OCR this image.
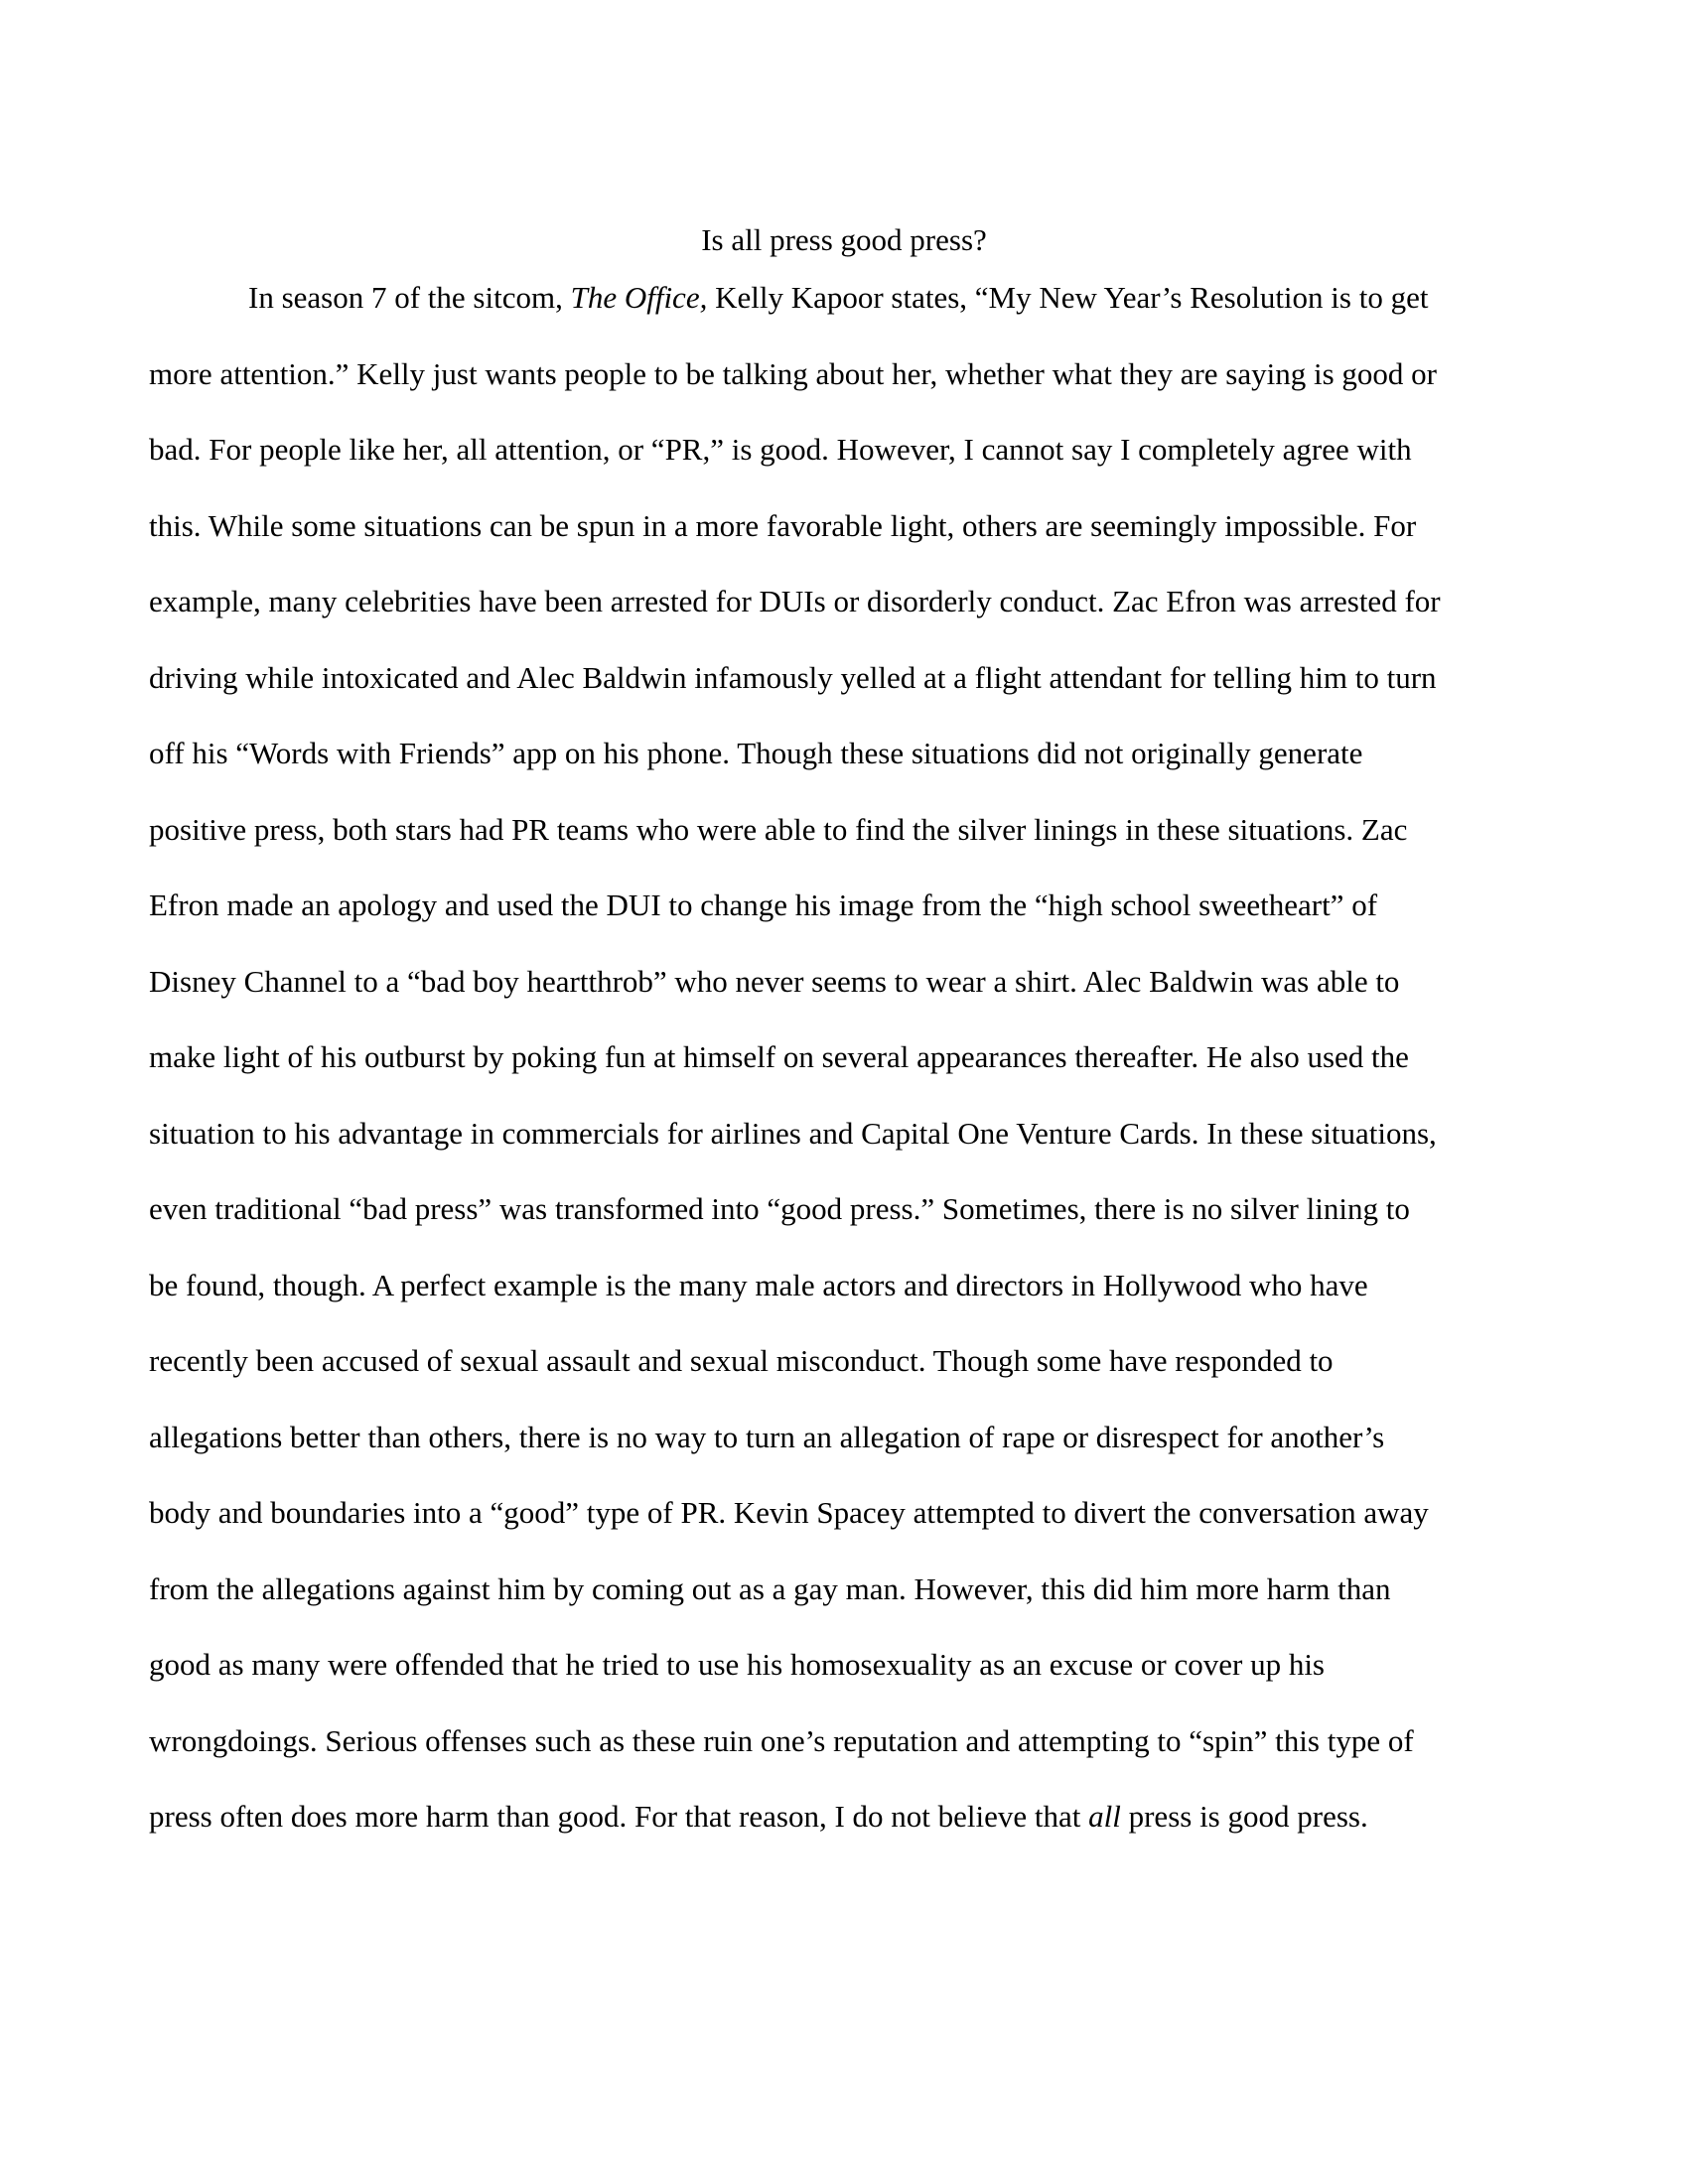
Is all press good press?
In season 7 of the sitcom, The Office, Kelly Kapoor states, “My New Year’s Resolution is to get
more attention.” Kelly just wants people to be talking about her, whether what they are saying is good or
bad. For people like her, all attention, or “PR,” is good. However, I cannot say I completely agree with
this. While some situations can be spun in a more favorable light, others are seemingly impossible. For
example, many celebrities have been arrested for DUIs or disorderly conduct. Zac Efron was arrested for
driving while intoxicated and Alec Baldwin infamously yelled at a flight attendant for telling him to turn
off his “Words with Friends” app on his phone. Though these situations did not originally generate
positive press, both stars had PR teams who were able to find the silver linings in these situations. Zac
Efron made an apology and used the DUI to change his image from the “high school sweetheart” of
Disney Channel to a “bad boy heartthrob” who never seems to wear a shirt. Alec Baldwin was able to
make light of his outburst by poking fun at himself on several appearances thereafter. He also used the
situation to his advantage in commercials for airlines and Capital One Venture Cards. In these situations,
even traditional “bad press” was transformed into “good press.” Sometimes, there is no silver lining to
be found, though. A perfect example is the many male actors and directors in Hollywood who have
recently been accused of sexual assault and sexual misconduct. Though some have responded to
allegations better than others, there is no way to turn an allegation of rape or disrespect for another’s
body and boundaries into a “good” type of PR. Kevin Spacey attempted to divert the conversation away
from the allegations against him by coming out as a gay man. However, this did him more harm than
good as many were offended that he tried to use his homosexuality as an excuse or cover up his
wrongdoings. Serious offenses such as these ruin one’s reputation and attempting to “spin” this type of
press often does more harm than good. For that reason, I do not believe that all press is good press.
